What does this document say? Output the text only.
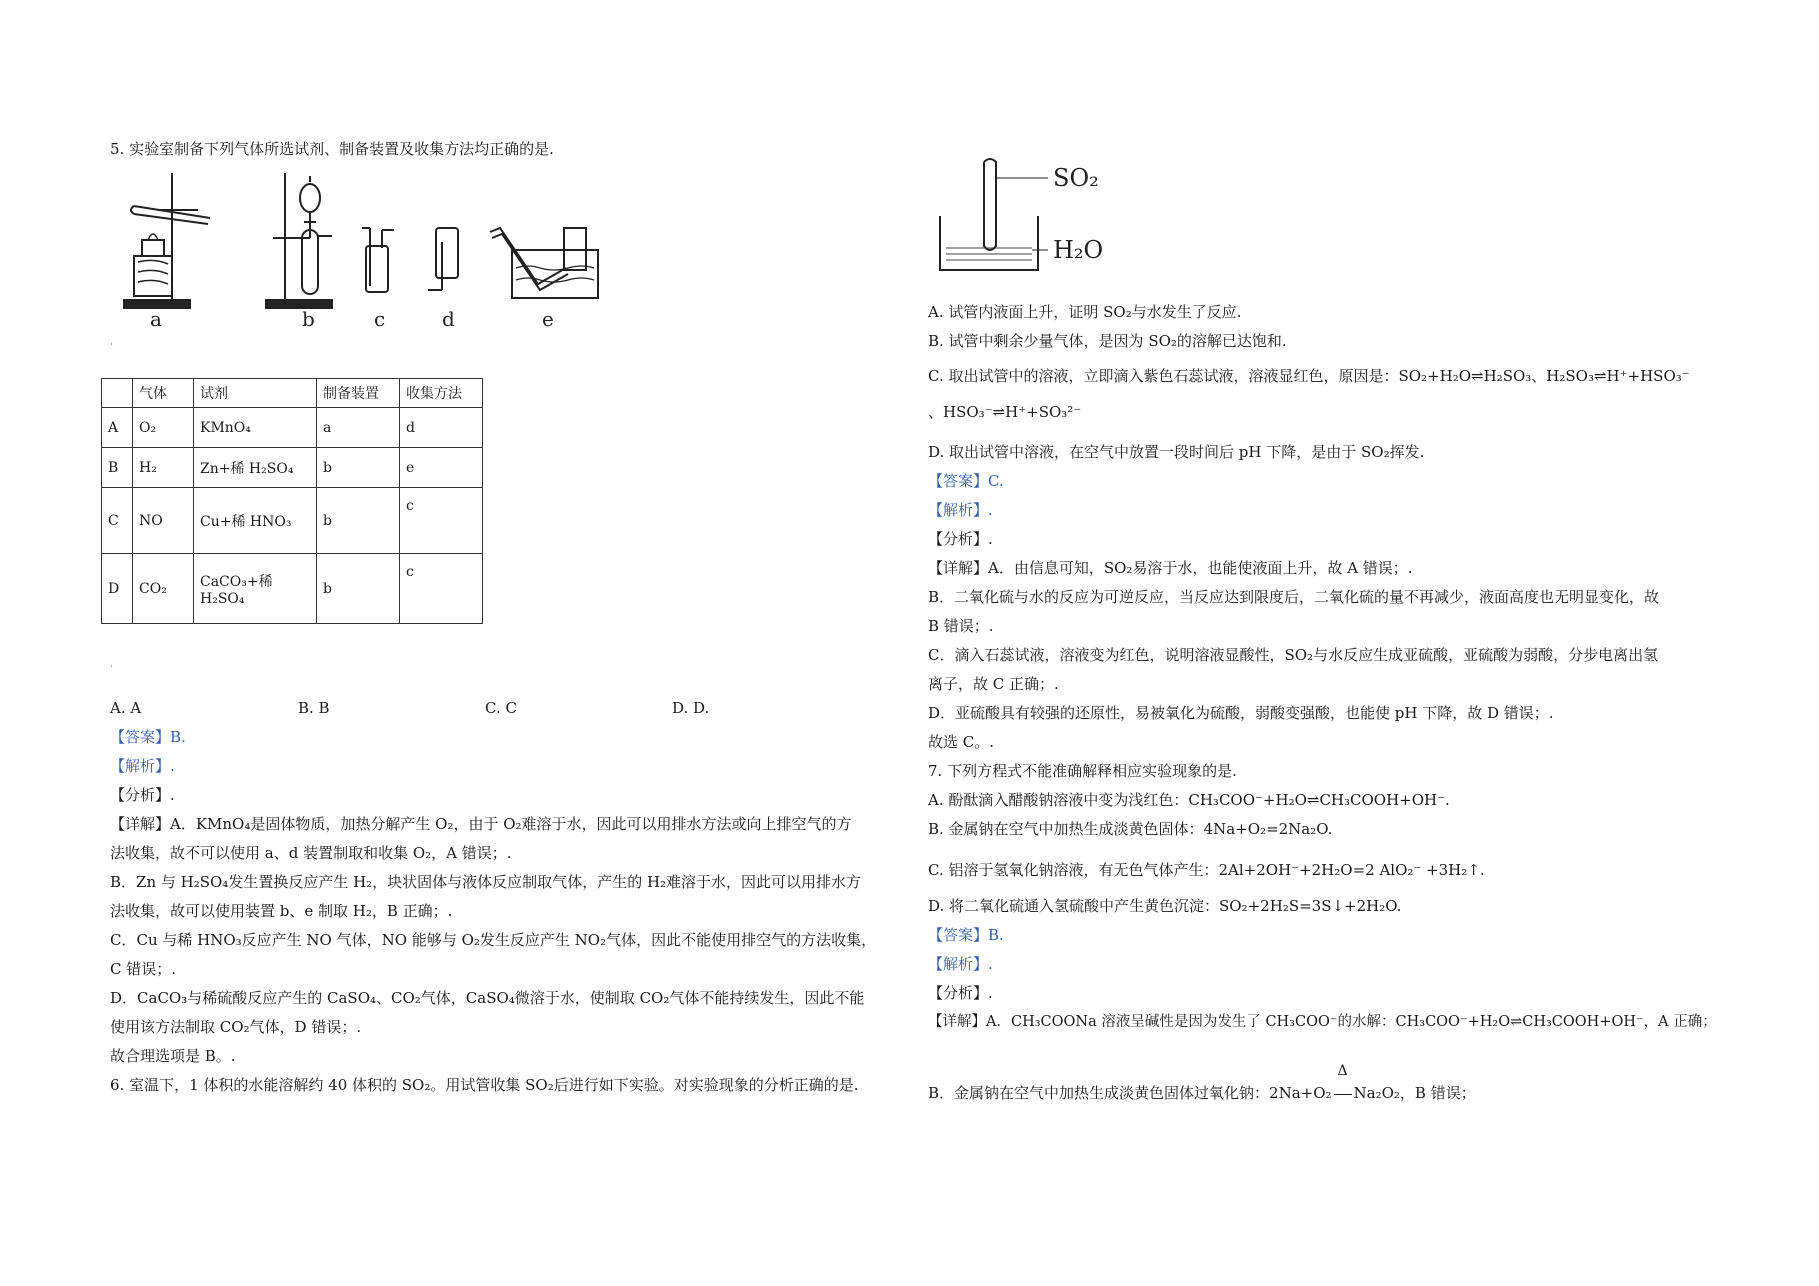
5. 实验室制备下列气体所选试剂、制备装置及收集方法均正确的是.
a	b	c	d	e
'
	气体	试剂	制备装置	收集方法
A	O₂	KMnO₄	a	d
B	H₂	Zn+稀 H₂SO₄	b	e
C	NO	Cu+稀 HNO₃	b	c
D	CO₂	CaCO₃+稀 H₂SO₄	b	c
'
A. A	B. B	C. C	D. D.
【答案】B.
【解析】.
【分析】.
【详解】A．KMnO₄是固体物质，加热分解产生 O₂，由于 O₂难溶于水，因此可以用排水方法或向上排空气的方
法收集，故不可以使用 a、d 装置制取和收集 O₂，A 错误；.
B．Zn 与 H₂SO₄发生置换反应产生 H₂，块状固体与液体反应制取气体，产生的 H₂难溶于水，因此可以用排水方
法收集，故可以使用装置 b、e 制取 H₂，B 正确；.
C．Cu 与稀 HNO₃反应产生 NO 气体，NO 能够与 O₂发生反应产生 NO₂气体，因此不能使用排空气的方法收集，
C 错误；.
D．CaCO₃与稀硫酸反应产生的 CaSO₄、CO₂气体，CaSO₄微溶于水，使制取 CO₂气体不能持续发生，因此不能
使用该方法制取 CO₂气体，D 错误；.
故合理选项是 B。.
6. 室温下，1 体积的水能溶解约 40 体积的 SO₂。用试管收集 SO₂后进行如下实验。对实验现象的分析正确的是.
SO₂
H₂O
A. 试管内液面上升，证明 SO₂与水发生了反应.
B. 试管中剩余少量气体，是因为 SO₂的溶解已达饱和.
C. 取出试管中的溶液，立即滴入紫色石蕊试液，溶液显红色，原因是：SO₂+H₂O⇌H₂SO₃、H₂SO₃⇌H⁺+HSO₃⁻
、HSO₃⁻⇌H⁺+SO₃²⁻
D. 取出试管中溶液，在空气中放置一段时间后 pH 下降，是由于 SO₂挥发.
【答案】C.
【解析】.
【分析】.
【详解】A．由信息可知，SO₂易溶于水，也能使液面上升，故 A 错误；.
B．二氧化硫与水的反应为可逆反应，当反应达到限度后，二氧化硫的量不再减少，液面高度也无明显变化，故
B 错误；.
C．滴入石蕊试液，溶液变为红色，说明溶液显酸性，SO₂与水反应生成亚硫酸，亚硫酸为弱酸，分步电离出氢
离子，故 C 正确；.
D．亚硫酸具有较强的还原性，易被氧化为硫酸，弱酸变强酸，也能使 pH 下降，故 D 错误；.
故选 C。.
7. 下列方程式不能准确解释相应实验现象的是.
A. 酚酞滴入醋酸钠溶液中变为浅红色：CH₃COO⁻+H₂O⇌CH₃COOH+OH⁻.
B. 金属钠在空气中加热生成淡黄色固体：4Na+O₂=2Na₂O.
C. 铝溶于氢氧化钠溶液，有无色气体产生：2Al+2OH⁻+2H₂O=2 AlO₂⁻ +3H₂↑.
D. 将二氧化硫通入氢硫酸中产生黄色沉淀：SO₂+2H₂S=3S↓+2H₂O.
【答案】B.
【解析】.
【分析】.
【详解】A．CH₃COONa 溶液呈碱性是因为发生了 CH₃COO⁻的水解：CH₃COO⁻+H₂O⇌CH₃COOH+OH⁻，A 正确；
B．金属钠在空气中加热生成淡黄色固体过氧化钠：2Na+O₂
Δ
Na₂O₂，B 错误；
